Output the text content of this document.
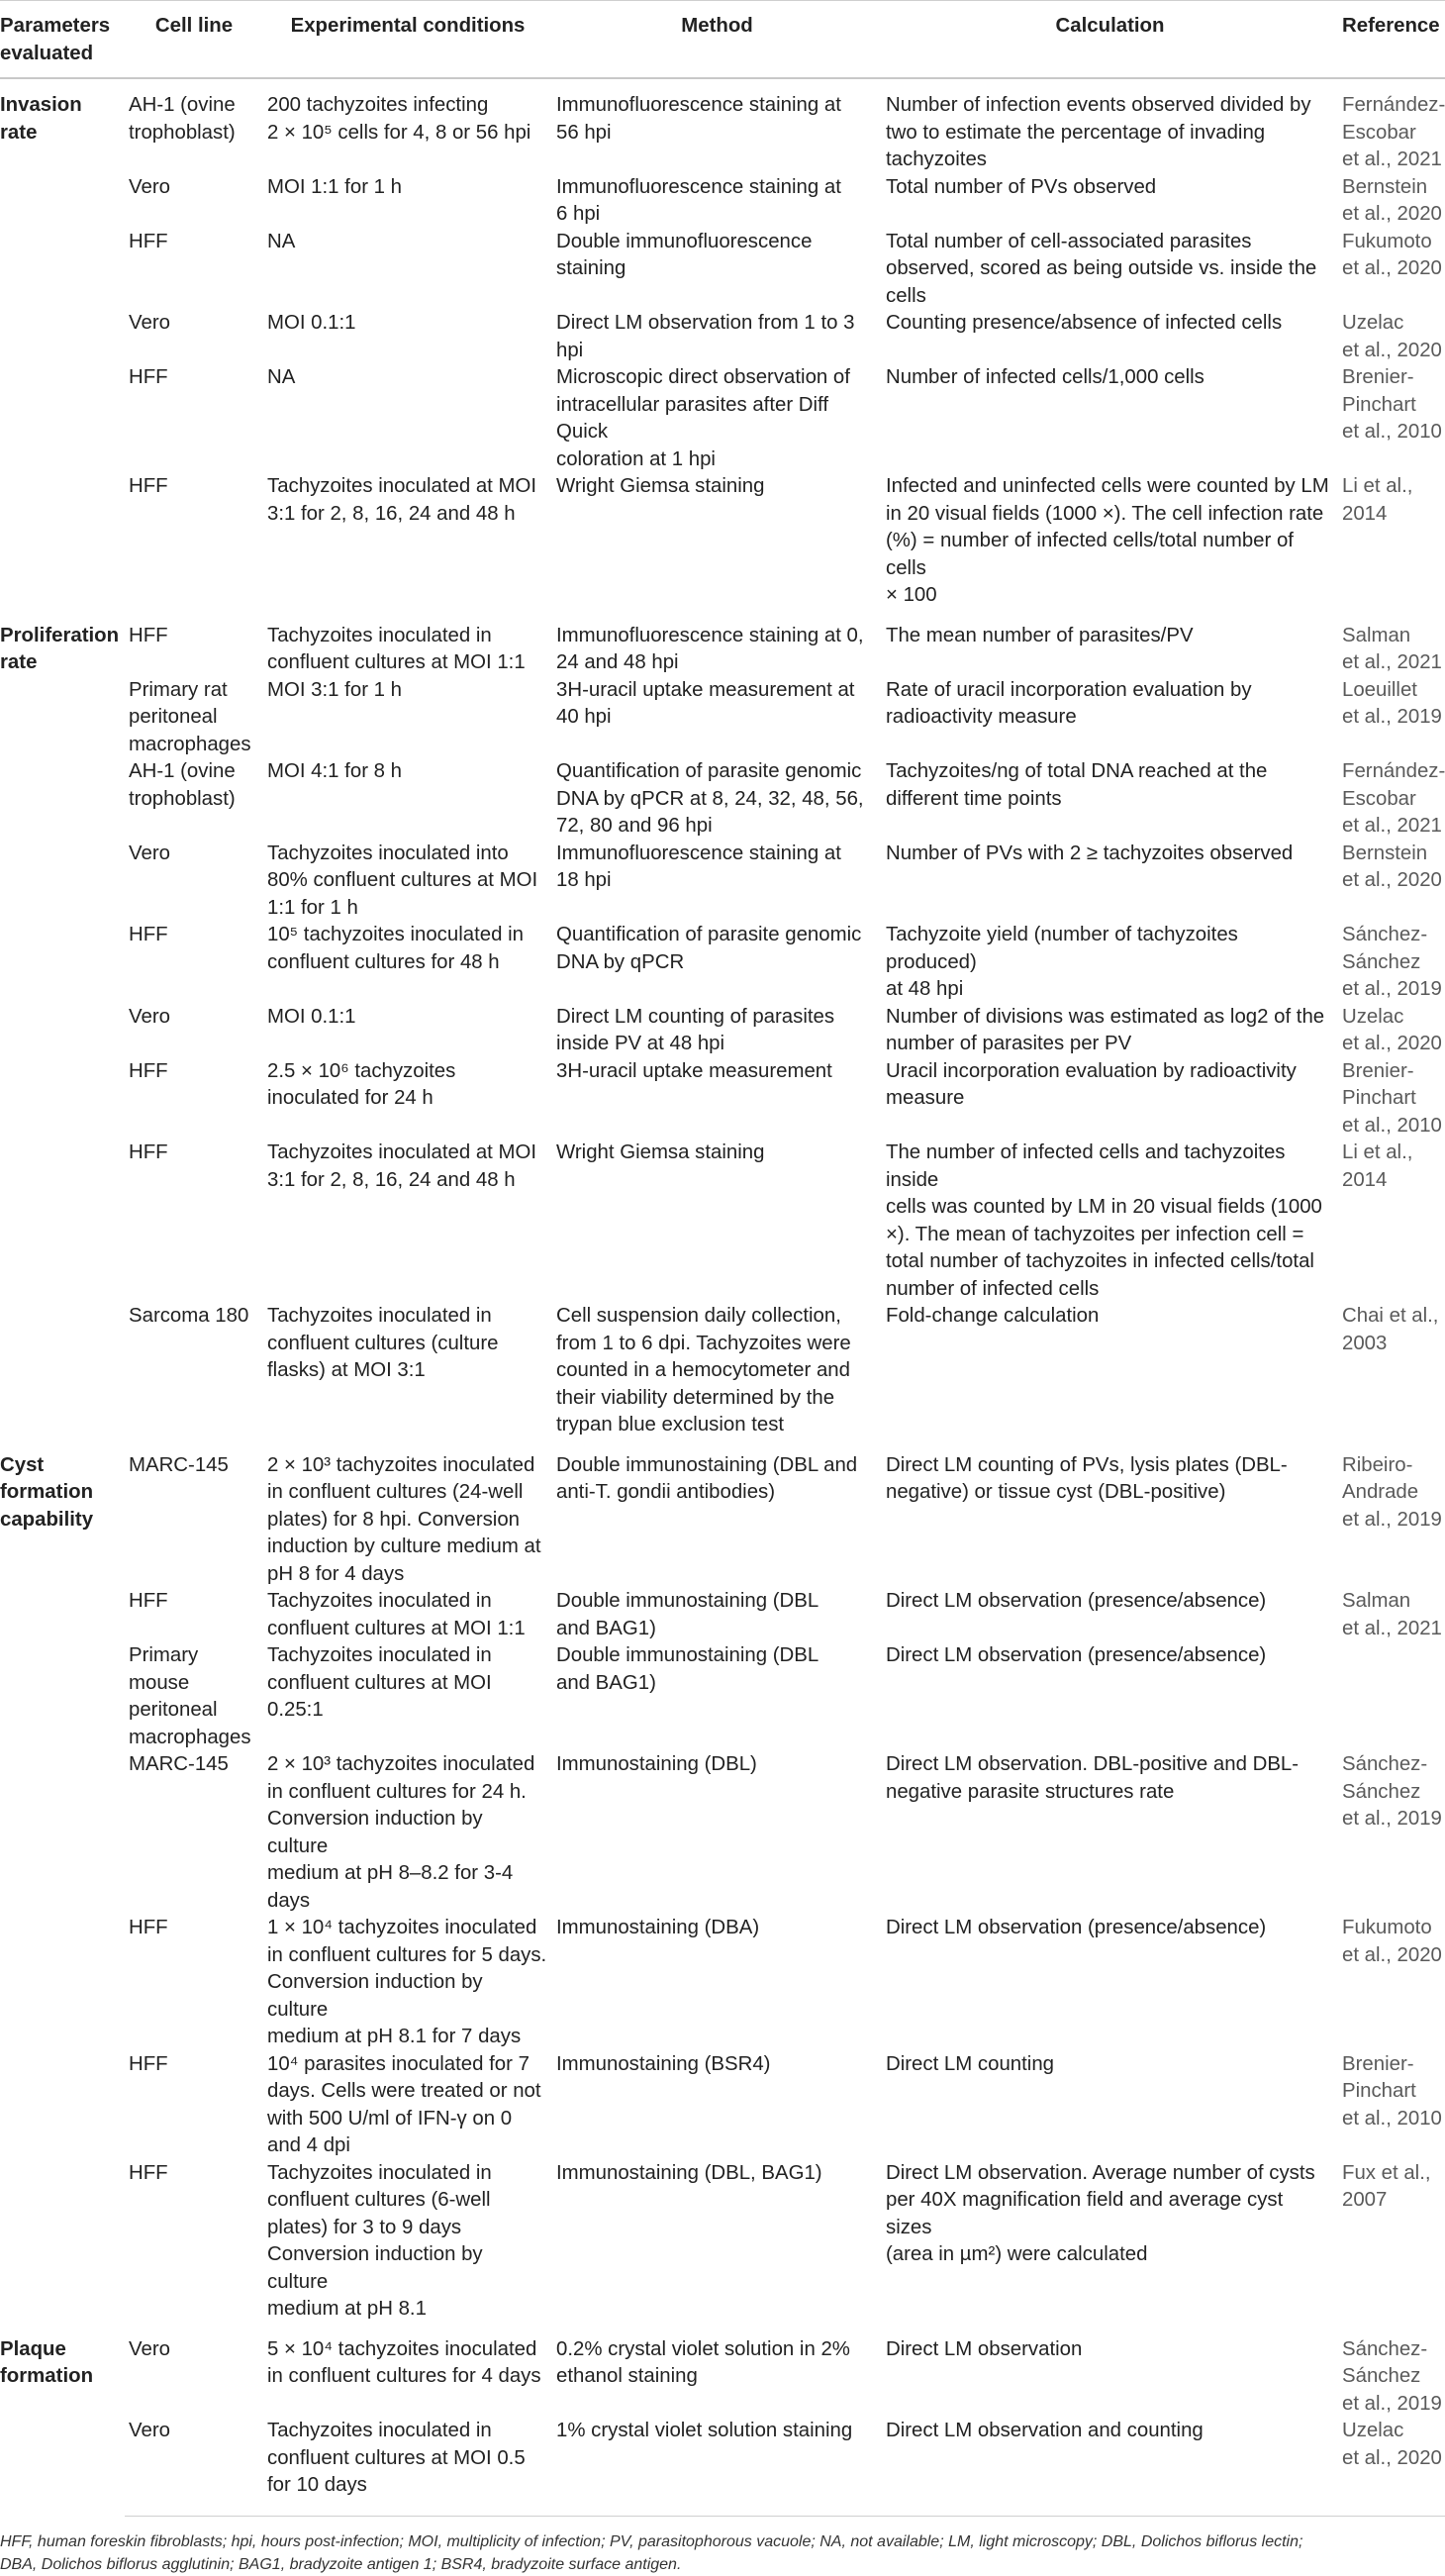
Parameters
evaluated	Cell line	Experimental conditions	Method	Calculation	Reference
Invasion
rate	AH-1 (ovine
trophoblast)	200 tachyzoites infecting
2 × 10⁵ cells for 4, 8 or 56 hpi	Immunofluorescence staining at
56 hpi	Number of infection events observed divided by
two to estimate the percentage of invading
tachyzoites	Fernández-
Escobar
et al., 2021
	Vero	MOI 1:1 for 1 h	Immunofluorescence staining at
6 hpi	Total number of PVs observed	Bernstein
et al., 2020
	HFF	NA	Double immunofluorescence
staining	Total number of cell-associated parasites
observed, scored as being outside vs. inside the
cells	Fukumoto
et al., 2020
	Vero	MOI 0.1:1	Direct LM observation from 1 to 3
hpi	Counting presence/absence of infected cells	Uzelac
et al., 2020
	HFF	NA	Microscopic direct observation of
intracellular parasites after Diff Quick
coloration at 1 hpi	Number of infected cells/1,000 cells	Brenier-
Pinchart
et al., 2010
	HFF	Tachyzoites inoculated at MOI
3:1 for 2, 8, 16, 24 and 48 h	Wright Giemsa staining	Infected and uninfected cells were counted by LM
in 20 visual fields (1000 ×). The cell infection rate
(%) = number of infected cells/total number of cells
× 100	Li et al.,
2014
Proliferation
rate	HFF	Tachyzoites inoculated in
confluent cultures at MOI 1:1	Immunofluorescence staining at 0,
24 and 48 hpi	The mean number of parasites/PV	Salman
et al., 2021
	Primary rat
peritoneal
macrophages	MOI 3:1 for 1 h	3H-uracil uptake measurement at
40 hpi	Rate of uracil incorporation evaluation by
radioactivity measure	Loeuillet
et al., 2019
	AH-1 (ovine
trophoblast)	MOI 4:1 for 8 h	Quantification of parasite genomic
DNA by qPCR at 8, 24, 32, 48, 56,
72, 80 and 96 hpi	Tachyzoites/ng of total DNA reached at the
different time points	Fernández-
Escobar
et al., 2021
	Vero	Tachyzoites inoculated into
80% confluent cultures at MOI
1:1 for 1 h	Immunofluorescence staining at
18 hpi	Number of PVs with 2 ≥ tachyzoites observed	Bernstein
et al., 2020
	HFF	10⁵ tachyzoites inoculated in
confluent cultures for 48 h	Quantification of parasite genomic
DNA by qPCR	Tachyzoite yield (number of tachyzoites produced)
at 48 hpi	Sánchez-
Sánchez
et al., 2019
	Vero	MOI 0.1:1	Direct LM counting of parasites
inside PV at 48 hpi	Number of divisions was estimated as log2 of the
number of parasites per PV	Uzelac
et al., 2020
	HFF	2.5 × 10⁶ tachyzoites
inoculated for 24 h	3H-uracil uptake measurement	Uracil incorporation evaluation by radioactivity
measure	Brenier-
Pinchart
et al., 2010
	HFF	Tachyzoites inoculated at MOI
3:1 for 2, 8, 16, 24 and 48 h	Wright Giemsa staining	The number of infected cells and tachyzoites inside
cells was counted by LM in 20 visual fields (1000
×). The mean of tachyzoites per infection cell =
total number of tachyzoites in infected cells/total
number of infected cells	Li et al.,
2014
	Sarcoma 180	Tachyzoites inoculated in
confluent cultures (culture
flasks) at MOI 3:1	Cell suspension daily collection,
from 1 to 6 dpi. Tachyzoites were
counted in a hemocytometer and
their viability determined by the
trypan blue exclusion test	Fold-change calculation	Chai et al.,
2003
Cyst
formation
capability	MARC-145	2 × 10³ tachyzoites inoculated
in confluent cultures (24-well
plates) for 8 hpi. Conversion
induction by culture medium at
pH 8 for 4 days	Double immunostaining (DBL and
anti-T. gondii antibodies)	Direct LM counting of PVs, lysis plates (DBL-
negative) or tissue cyst (DBL-positive)	Ribeiro-
Andrade
et al., 2019
	HFF	Tachyzoites inoculated in
confluent cultures at MOI 1:1	Double immunostaining (DBL
and BAG1)	Direct LM observation (presence/absence)	Salman
et al., 2021
	Primary
mouse
peritoneal
macrophages	Tachyzoites inoculated in
confluent cultures at MOI
0.25:1	Double immunostaining (DBL
and BAG1)	Direct LM observation (presence/absence)	
	MARC-145	2 × 10³ tachyzoites inoculated
in confluent cultures for 24 h.
Conversion induction by culture
medium at pH 8–8.2 for 3-4
days	Immunostaining (DBL)	Direct LM observation. DBL-positive and DBL-
negative parasite structures rate	Sánchez-
Sánchez
et al., 2019
	HFF	1 × 10⁴ tachyzoites inoculated
in confluent cultures for 5 days.
Conversion induction by culture
medium at pH 8.1 for 7 days	Immunostaining (DBA)	Direct LM observation (presence/absence)	Fukumoto
et al., 2020
	HFF	10⁴ parasites inoculated for 7
days. Cells were treated or not
with 500 U/ml of IFN-γ on 0
and 4 dpi	Immunostaining (BSR4)	Direct LM counting	Brenier-
Pinchart
et al., 2010
	HFF	Tachyzoites inoculated in
confluent cultures (6-well
plates) for 3 to 9 days
Conversion induction by culture
medium at pH 8.1	Immunostaining (DBL, BAG1)	Direct LM observation. Average number of cysts
per 40X magnification field and average cyst sizes
(area in µm²) were calculated	Fux et al.,
2007
Plaque
formation	Vero	5 × 10⁴ tachyzoites inoculated
in confluent cultures for 4 days	0.2% crystal violet solution in 2%
ethanol staining	Direct LM observation	Sánchez-
Sánchez
et al., 2019
	Vero	Tachyzoites inoculated in
confluent cultures at MOI 0.5
for 10 days	1% crystal violet solution staining	Direct LM observation and counting	Uzelac
et al., 2020
HFF, human foreskin fibroblasts; hpi, hours post-infection; MOI, multiplicity of infection; PV, parasitophorous vacuole; NA, not available; LM, light microscopy; DBL, Dolichos biflorus lectin;
DBA, Dolichos biflorus agglutinin; BAG1, bradyzoite antigen 1; BSR4, bradyzoite surface antigen.
